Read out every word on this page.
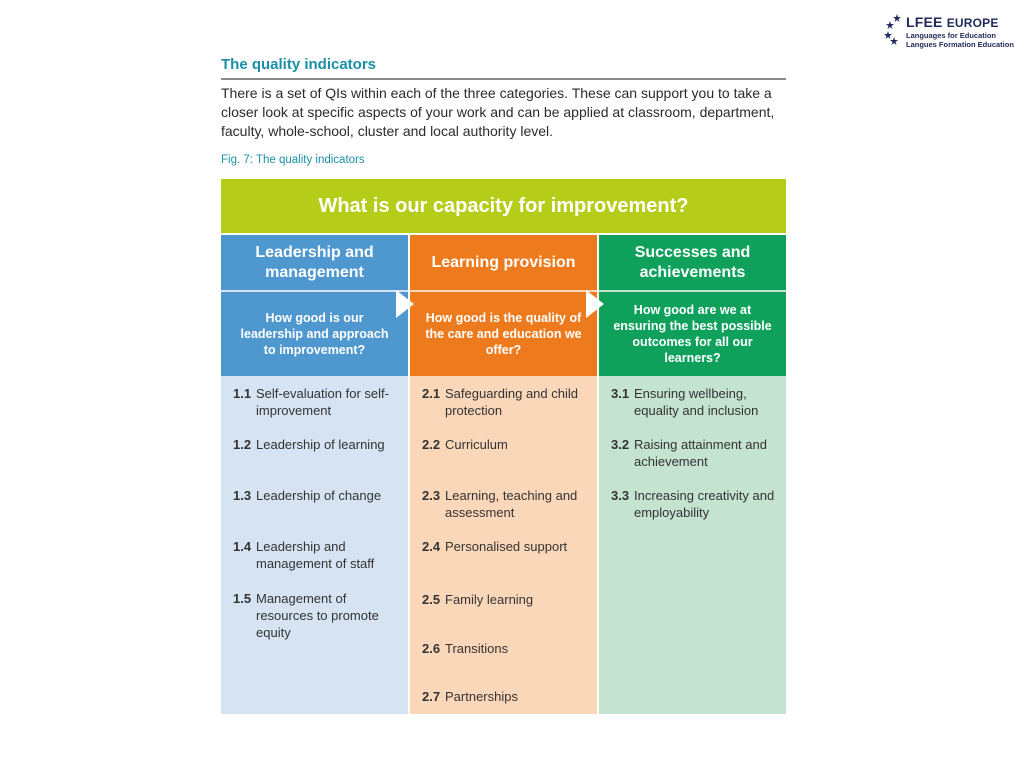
LFEE EUROPE
Languages for Education
Langues Formation Education
The quality indicators
There is a set of QIs within each of the three categories. These can support you to take a closer look at specific aspects of your work and can be applied at classroom, department, faculty, whole-school, cluster and local authority level.
Fig. 7: The quality indicators
What is our capacity for improvement?
Leadership and management
How good is our leadership and approach to improvement?
1.1 Self-evaluation for self-improvement
1.2 Leadership of learning
1.3 Leadership of change
1.4 Leadership and management of staff
1.5 Management of resources to promote equity
Learning provision
How good is the quality of the care and education we offer?
2.1 Safeguarding and child protection
2.2 Curriculum
2.3 Learning, teaching and assessment
2.4 Personalised support
2.5 Family learning
2.6 Transitions
2.7 Partnerships
Successes and achievements
How good are we at ensuring the best possible outcomes for all our learners?
3.1 Ensuring wellbeing, equality and inclusion
3.2 Raising attainment and achievement
3.3 Increasing creativity and employability
